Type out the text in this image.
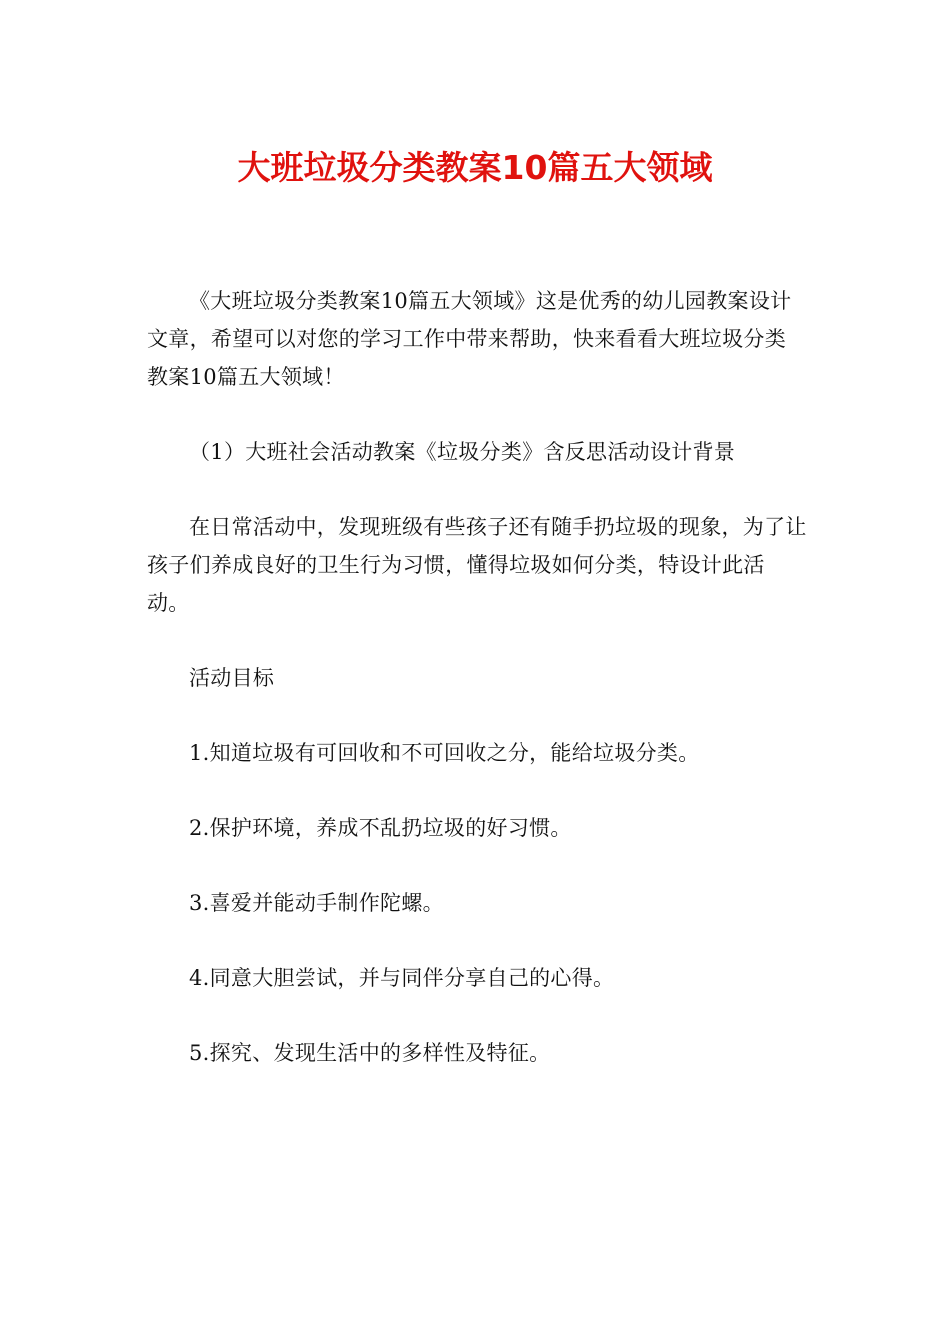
大班垃圾分类教案10篇五大领域

《大班垃圾分类教案10篇五大领域》这是优秀的幼儿园教案设计文章，希望可以对您的学习工作中带来帮助，快来看看大班垃圾分类教案10篇五大领域！

（1）大班社会活动教案《垃圾分类》含反思活动设计背景

在日常活动中，发现班级有些孩子还有随手扔垃圾的现象，为了让孩子们养成良好的卫生行为习惯，懂得垃圾如何分类，特设计此活动。

活动目标

1.知道垃圾有可回收和不可回收之分，能给垃圾分类。

2.保护环境，养成不乱扔垃圾的好习惯。

3.喜爱并能动手制作陀螺。

4.同意大胆尝试，并与同伴分享自己的心得。

5.探究、发现生活中的多样性及特征。
